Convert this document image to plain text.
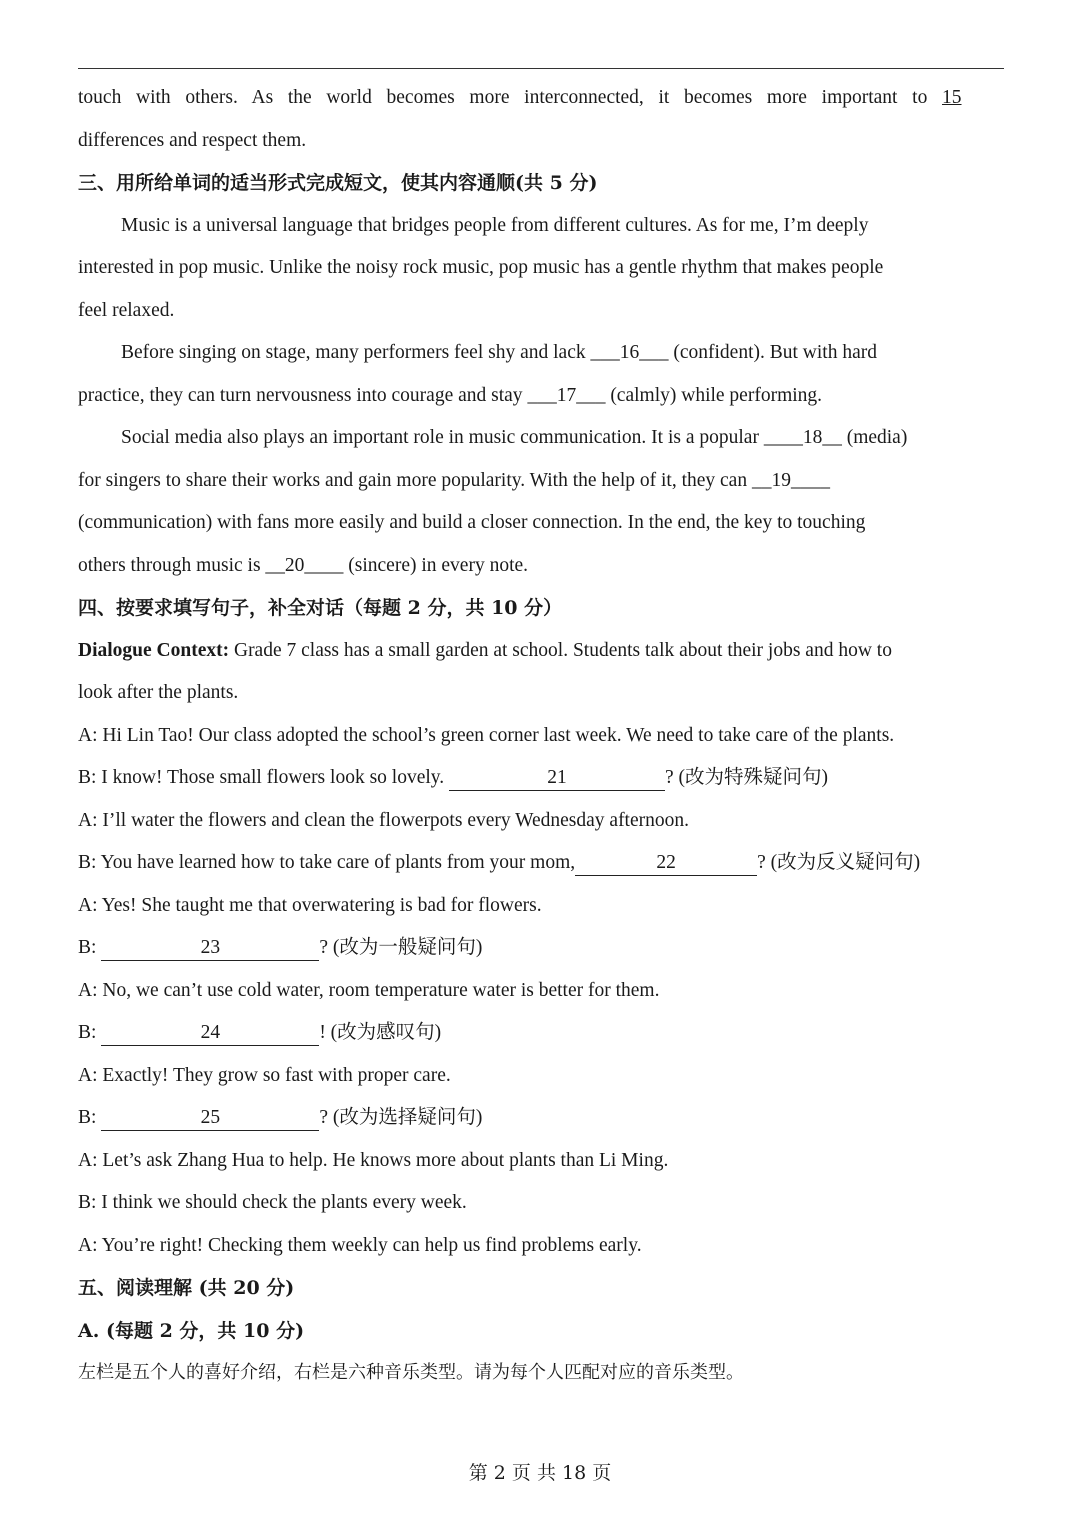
touch with others. As the world becomes more interconnected, it becomes more important to 15
differences and respect them.
三、用所给单词的适当形式完成短文，使其内容通顺(共 5 分)
Music is a universal language that bridges people from different cultures. As for me, I’m deeply
interested in pop music. Unlike the noisy rock music, pop music has a gentle rhythm that makes people
feel relaxed.
Before singing on stage, many performers feel shy and lack ___16___ (confident). But with hard
practice, they can turn nervousness into courage and stay ___17___ (calmly) while performing.
Social media also plays an important role in music communication. It is a popular ____18__ (media)
for singers to share their works and gain more popularity. With the help of it, they can __19____
(communication) with fans more easily and build a closer connection. In the end, the key to touching
others through music is __20____ (sincere) in every note.
四、按要求填写句子，补全对话（每题 2 分，共 10 分）
Dialogue Context: Grade 7 class has a small garden at school. Students talk about their jobs and how to
look after the plants.
A: Hi Lin Tao! Our class adopted the school’s green corner last week. We need to take care of the plants.
B: I know! Those small flowers look so lovely.	21	? (改为特殊疑问句)
A: I’ll water the flowers and clean the flowerpots every Wednesday afternoon.
B: You have learned how to take care of plants from your mom,	22	? (改为反义疑问句)
A: Yes! She taught me that overwatering is bad for flowers.
B:	23	? (改为一般疑问句)
A: No, we can’t use cold water, room temperature water is better for them.
B:	24	! (改为感叹句)
A: Exactly! They grow so fast with proper care.
B:	25	? (改为选择疑问句)
A: Let’s ask Zhang Hua to help. He knows more about plants than Li Ming.
B: I think we should check the plants every week.
A: You’re right! Checking them weekly can help us find problems early.
五、阅读理解 (共 20 分)
A. (每题 2 分，共 10 分)
左栏是五个人的喜好介绍，右栏是六种音乐类型。请为每个人匹配对应的音乐类型。
第 2 页 共 18 页
